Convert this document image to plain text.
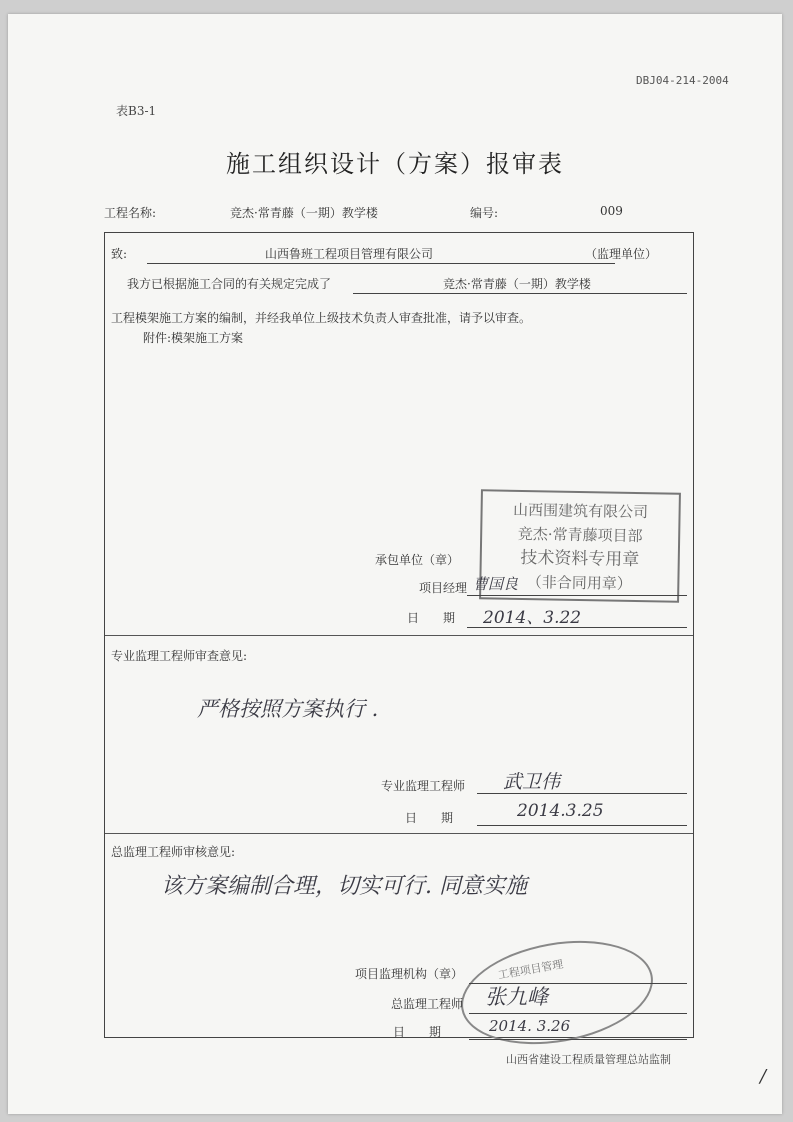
DBJ04-214-2004
表B3-1
施工组织设计（方案）报审表
工程名称:	竞杰·常青藤（一期）教学楼	编号:	009
致:	山西鲁班工程项目管理有限公司	（监理单位）
我方已根据施工合同的有关规定完成了	竞杰·常青藤（一期）教学楼
工程模架施工方案的编制，并经我单位上级技术负责人审查批准，请予以审查。
附件:模架施工方案
山西围建筑有限公司
竞杰·常青藤项目部
技术资料专用章
（非合同用章）
承包单位（章）
项目经理 曹国良
日　　期 2014、3.22
专业监理工程师审查意见:
严格按照方案执行 .
专业监理工程师 武卫伟
日　　期	2014.3.25
总监理工程师审核意见:
该方案编制合理，切实可行. 同意实施
工程项目管理
项目监理机构（章）
总监理工程师 张九峰
日　　期	2014. 3.26
山西省建设工程质量管理总站监制
/
